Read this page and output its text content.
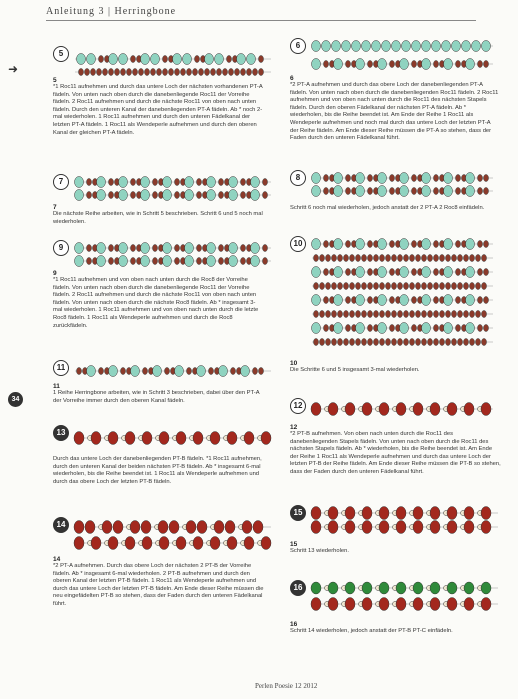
Anleitung 3 | Herringbone
➜
34
5
5
*1 Roc11 aufnehmen und durch das untere Loch der nächsten vorhandenen PT-A fädeln. Von unten nach oben durch die danebenliegende Roc11 der Vorreihe fädeln. 2 Roc11 aufnehmen und durch die nächste Roc11 von oben nach unten fädeln. Durch den unteren Kanal der danebenliegenden PT-A fädeln. Ab * noch 2-mal wiederholen. 1 Roc11 aufnehmen und durch den unteren Fädelkanal der letzten PT-A fädeln. 1 Roc11 als Wendeperle aufnehmen und durch den oberen Kanal der gleichen PT-A fädeln.
7
7
Die nächste Reihe arbeiten, wie in Schritt 5 beschrieben. Schritt 6 und 5 noch mal wiederholen.
9
9
*1 Roc11 aufnehmen und von oben nach unten durch die Roc8 der Vorreihe fädeln. Von unten nach oben durch die danebenliegende Roc11 der Vorreihe fädeln. 2 Roc11 aufnehmen und durch die nächste Roc11 von oben nach unten fädeln. Von unten nach oben durch die nächste Roc8 fädeln. Ab * insgesamt 3-mal wiederholen. 1 Roc11 aufnehmen und von oben nach unten durch die letzte Roc8 fädeln. 1 Roc11 als Wendeperle aufnehmen und durch die Roc8 zurückfädeln.
11
11
1 Reihe Herringbone arbeiten, wie in Schritt 3 beschrieben, dabei über den PT-A der Vorreihe immer durch den oberen Kanal fädeln.
13
Durch das untere Loch der danebenliegenden PT-B fädeln. *1 Roc11 aufnehmen, durch den unteren Kanal der beiden nächsten PT-B fädeln. Ab * insgesamt 6-mal wiederholen, bis die Reihe beendet ist. 1 Roc11 als Wendeperle aufnehmen und durch das obere Loch der letzten PT-B fädeln.
14
14
*2 PT-A aufnehmen. Durch das obere Loch der nächsten 2 PT-B der Vorreihe fädeln. Ab * insgesamt 6-mal wiederholen. 2 PT-B aufnehmen und durch den oberen Kanal der letzten PT-B fädeln. 1 Roc11 als Wendeperle aufnehmen und durch das untere Loch der letzten PT-B fädeln. Am Ende dieser Reihe müssen die neu eingefädelten PT-B so stehen, dass der Faden durch den unteren Fädelkanal führt.
6
6
*2 PT-A aufnehmen und durch das obere Loch der danebenliegenden PT-A fädeln. Von unten nach oben durch die danebenliegenden Roc11 fädeln. 2 Roc11 aufnehmen und von oben nach unten durch die Roc11 des nächsten Stapels fädeln. Durch den oberen Fädelkanal der nächsten PT-A fädeln. Ab * wiederholen, bis die Reihe beendet ist. Am Ende der Reihe 1 Roc11 als Wendeperle aufnehmen und noch mal durch das untere Loch der letzten PT-A der Reihe fädeln. Am Ende dieser Reihe müssen die PT-A so stehen, dass der Faden durch den unteren Fädelkanal führt.
8
Schritt 6 noch mal wiederholen, jedoch anstatt der 2 PT-A 2 Roc8 einfädeln.
10
10
Die Schritte 6 und 5 insgesamt 3-mal wiederholen.
12
12
*2 PT-B aufnehmen. Von oben nach unten durch die Roc11 des danebenliegenden Stapels fädeln. Von unten nach oben durch die Roc11 des nächsten Stapels fädeln. Ab * wiederholen, bis die Reihe beendet ist. Am Ende der Reihe 1 Roc11 als Wendeperle aufnehmen und durch das untere Loch der letzten PT-B der Reihe fädeln. Am Ende dieser Reihe müssen die PT-B so stehen, dass der Faden durch den unteren Fädelkanal führt.
15
15
Schritt 13 wiederholen.
16
16
Schritt 14 wiederholen, jedoch anstatt der PT-B PT-C einfädeln.
Perlen Poesie 12 2012
